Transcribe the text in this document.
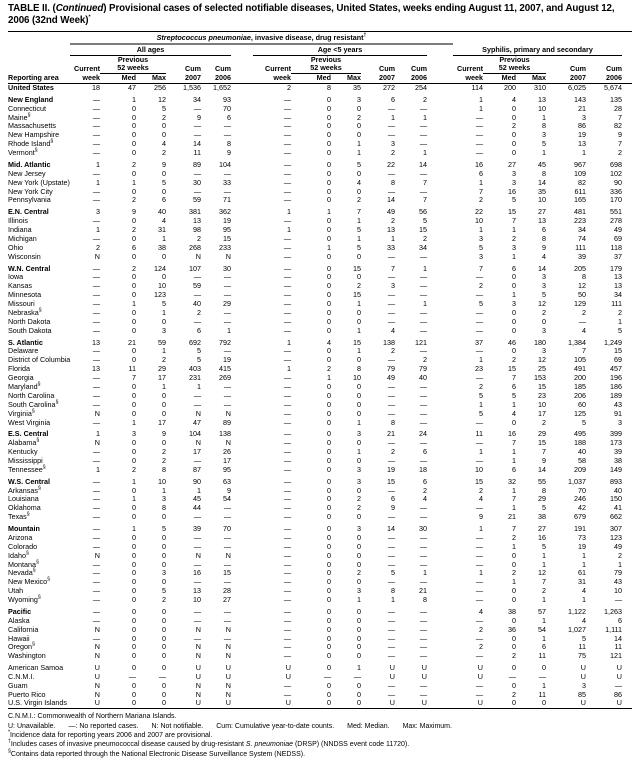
TABLE II. (Continued) Provisional cases of selected notifiable diseases, United States, weeks ending August 11, 2007, and August 12, 2006 (32nd Week)*
	Streptococcus pneumoniae, invasive disease, drug resistant†	
	All ages						Age <5 years						Syphilis, primary and secondary					
		Previous						Previous						Previous				
	Current	52 weeks		Cum	Cum		Current	52 weeks		Cum	Cum		Current	52 weeks		Cum	Cum	
Reporting area	week	Med	Max	2007	2006		week	Med	Max	2007	2006		week	Med	Max	2007	2006	
United States	18	47	256	1,536	1,652		2	8	35	272	254		114	200	310	6,025	5,674	
New England	—	1	12	34	93		—	0	3	6	2		1	4	13	143	135	
Connecticut	—	0	5	—	70		—	0	0	—	—		1	0	10	21	28	
Maine§	—	0	2	9	6		—	0	2	1	1		—	0	1	3	7	
Massachusetts	—	0	0	—	—		—	0	0	—	—		—	2	8	86	82	
New Hampshire	—	0	0	—	—		—	0	0	—	—		—	0	3	19	9	
Rhode Island§	—	0	4	14	8		—	0	1	3	—		—	0	5	13	7	
Vermont§	—	0	2	11	9		—	0	1	2	1		—	0	1	1	2	
Mid. Atlantic	1	2	9	89	104		—	0	5	22	14		16	27	45	967	698	
New Jersey	—	0	0	—	—		—	0	0	—	—		6	3	8	109	102	
New York (Upstate)	1	1	5	30	33		—	0	4	8	7		1	3	14	82	90	
New York City	—	0	0	—	—		—	0	0	—	—		7	16	35	611	336	
Pennsylvania	—	2	6	59	71		—	0	2	14	7		2	5	10	165	170	
E.N. Central	3	9	40	381	362		1	1	7	49	56		22	15	27	481	551	
Illinois	—	0	4	13	19		—	0	1	2	5		10	7	13	223	278	
Indiana	1	2	31	98	95		1	0	5	13	15		1	1	6	34	49	
Michigan	—	0	1	2	15		—	0	1	1	2		3	2	8	74	69	
Ohio	2	6	38	268	233		—	1	5	33	34		5	3	9	111	118	
Wisconsin	N	0	0	N	N		—	0	0	—	—		3	1	4	39	37	
W.N. Central	—	2	124	107	30		—	0	15	7	1		7	6	14	205	179	
Iowa	—	0	0	—	—		—	0	0	—	—		—	0	3	8	13	
Kansas	—	0	10	59	—		—	0	2	3	—		2	0	3	12	13	
Minnesota	—	0	123	—	—		—	0	15	—	—		—	1	5	50	34	
Missouri	—	1	5	40	29		—	0	1	—	1		5	3	12	129	111	
Nebraska§	—	0	1	2	—		—	0	0	—	—		—	0	2	2	2	
North Dakota	—	0	0	—	—		—	0	0	—	—		—	0	0	—	1	
South Dakota	—	0	3	6	1		—	0	1	4	—		—	0	3	4	5	
S. Atlantic	13	21	59	692	792		1	4	15	138	121		37	46	180	1,384	1,249	
Delaware	—	0	1	5	—		—	0	1	2	—		—	0	3	7	15	
District of Columbia	—	0	2	5	19		—	0	0	—	2		1	2	12	105	69	
Florida	13	11	29	403	415		1	2	8	79	79		23	15	25	491	457	
Georgia	—	7	17	231	269		—	1	10	49	40		—	7	153	200	196	
Maryland§	—	0	1	1	—		—	0	0	—	—		2	6	15	185	186	
North Carolina	—	0	0	—	—		—	0	0	—	—		5	5	23	206	189	
South Carolina§	—	0	0	—	—		—	0	0	—	—		1	1	10	60	43	
Virginia§	N	0	0	N	N		—	0	0	—	—		5	4	17	125	91	
West Virginia	—	1	17	47	89		—	0	1	8	—		—	0	2	5	3	
E.S. Central	1	3	9	104	138		—	0	3	21	24		11	16	29	495	399	
Alabama§	N	0	0	N	N		—	0	0	—	—		—	7	15	188	173	
Kentucky	—	0	2	17	26		—	0	1	2	6		1	1	7	40	39	
Mississippi	—	0	2	—	17		—	0	0	—	—		—	1	9	58	38	
Tennessee§	1	2	8	87	95		—	0	3	19	18		10	6	14	209	149	
W.S. Central	—	1	10	90	63		—	0	3	15	6		15	32	55	1,037	893	
Arkansas§	—	0	1	1	9		—	0	0	—	2		2	1	8	70	40	
Louisiana	—	1	3	45	54		—	0	2	6	4		4	7	29	246	150	
Oklahoma	—	0	8	44	—		—	0	2	9	—		—	1	5	42	41	
Texas§	—	0	0	—	—		—	0	0	—	—		9	21	38	679	662	
Mountain	—	1	5	39	70		—	0	3	14	30		1	7	27	191	307	
Arizona	—	0	0	—	—		—	0	0	—	—		—	2	16	73	123	
Colorado	—	0	0	—	—		—	0	0	—	—		—	1	5	19	49	
Idaho§	N	0	0	N	N		—	0	0	—	—		—	0	1	1	2	
Montana§	—	0	0	—	—		—	0	0	—	—		—	0	1	1	1	
Nevada§	—	0	3	16	15		—	0	2	5	1		1	2	12	61	79	
New Mexico§	—	0	0	—	—		—	0	0	—	—		—	1	7	31	43	
Utah	—	0	5	13	28		—	0	3	8	21		—	0	2	4	10	
Wyoming§	—	0	2	10	27		—	0	1	1	8		—	0	1	1	—	
Pacific	—	0	0	—	—		—	0	0	—	—		4	38	57	1,122	1,263	
Alaska	—	0	0	—	—		—	0	0	—	—		—	0	1	4	6	
California	N	0	0	N	N		—	0	0	—	—		2	36	54	1,027	1,111	
Hawaii	—	0	0	—	—		—	0	0	—	—		—	0	1	5	14	
Oregon§	N	0	0	N	N		—	0	0	—	—		2	0	6	11	11	
Washington	N	0	0	N	N		—	0	0	—	—		—	2	11	75	121	
American Samoa	U	0	0	U	U		U	0	1	U	U		U	0	0	U	U	
C.N.M.I.	U	—	—	U	U		U	—	—	U	U		U	—	—	U	U	
Guam	N	0	0	N	N		—	0	0	—	—		—	0	1	3	—	
Puerto Rico	N	0	0	N	N		—	0	0	—	—		—	2	11	85	86	
U.S. Virgin Islands	U	0	0	U	U		U	0	0	U	U		U	0	0	U	U	
C.N.M.I.: Commonwealth of Northern Mariana Islands.
U: Unavailable. —: No reported cases. N: Not notifiable. Cum: Cumulative year-to-date counts. Med: Median. Max: Maximum.
*Incidence data for reporting years 2006 and 2007 are provisional.
†Includes cases of invasive pneumococcal disease caused by drug-resistant S. pneumoniae (DRSP) (NNDSS event code 11720).
§Contains data reported through the National Electronic Disease Surveillance System (NEDSS).
